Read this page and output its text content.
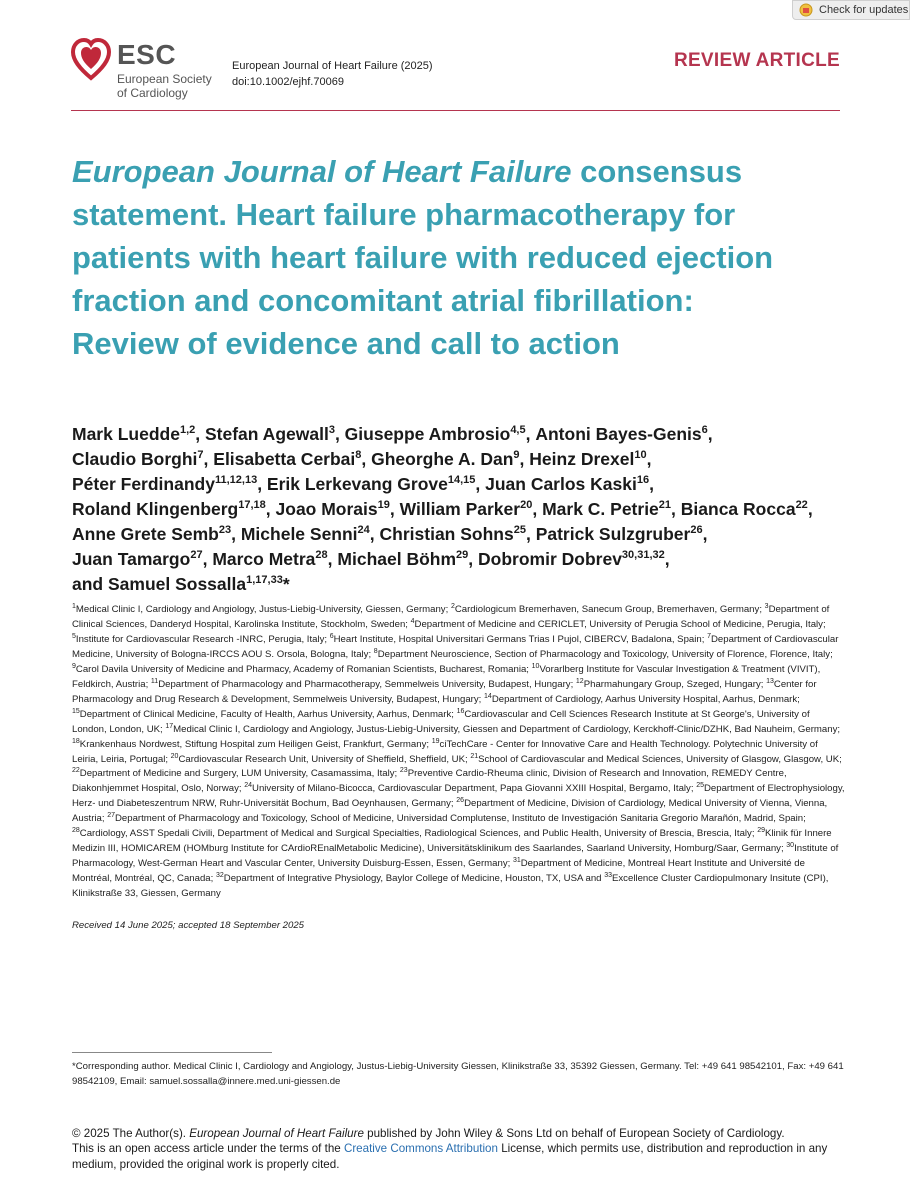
Check for updates
ESC
European Society
of Cardiology
European Journal of Heart Failure (2025)
doi:10.1002/ejhf.70069
REVIEW ARTICLE
European Journal of Heart Failure consensus statement. Heart failure pharmacotherapy for patients with heart failure with reduced ejection fraction and concomitant atrial fibrillation: Review of evidence and call to action
Mark Luedde$^{1,2}$, Stefan Agewall$^3$, Giuseppe Ambrosio$^{4,5}$, Antoni Bayes-Genis$^6$, Claudio Borghi$^7$, Elisabetta Cerbai$^8$, Gheorghe A. Dan$^9$, Heinz Drexel$^{10}$, Péter Ferdinandy$^{11,12,13}$, Erik Lerkevang Grove$^{14,15}$, Juan Carlos Kaski$^{16}$, Roland Klingenberg$^{17,18}$, Joao Morais$^{19}$, William Parker$^{20}$, Mark C. Petrie$^{21}$, Bianca Rocca$^{22}$, Anne Grete Semb$^{23}$, Michele Senni$^{24}$, Christian Sohns$^{25}$, Patrick Sulzgruber$^{26}$, Juan Tamargo$^{27}$, Marco Metra$^{28}$, Michael Böhm$^{29}$, Dobromir Dobrev$^{30,31,32}$, and Samuel Sossalla$^{1,17,33}$*
$^1$Medical Clinic I, Cardiology and Angiology, Justus-Liebig-University, Giessen, Germany; $^2$Cardiologicum Bremerhaven, Sanecum Group, Bremerhaven, Germany; $^3$Department of Clinical Sciences, Danderyd Hospital, Karolinska Institute, Stockholm, Sweden; $^4$Department of Medicine and CERICLET, University of Perugia School of Medicine, Perugia, Italy; $^5$Institute for Cardiovascular Research -INRC, Perugia, Italy; $^6$Heart Institute, Hospital Universitari Germans Trias I Pujol, CIBERCV, Badalona, Spain; $^7$Department of Cardiovascular Medicine, University of Bologna-IRCCS AOU S. Orsola, Bologna, Italy; $^8$Department Neuroscience, Section of Pharmacology and Toxicology, University of Florence, Florence, Italy; $^9$Carol Davila University of Medicine and Pharmacy, Academy of Romanian Scientists, Bucharest, Romania; $^{10}$Vorarlberg Institute for Vascular Investigation & Treatment (VIVIT), Feldkirch, Austria; $^{11}$Department of Pharmacology and Pharmacotherapy, Semmelweis University, Budapest, Hungary; $^{12}$Pharmahungary Group, Szeged, Hungary; $^{13}$Center for Pharmacology and Drug Research & Development, Semmelweis University, Budapest, Hungary; $^{14}$Department of Cardiology, Aarhus University Hospital, Aarhus, Denmark; $^{15}$Department of Clinical Medicine, Faculty of Health, Aarhus University, Aarhus, Denmark; $^{16}$Cardiovascular and Cell Sciences Research Institute at St George's, University of London, London, UK; $^{17}$Medical Clinic I, Cardiology and Angiology, Justus-Liebig-University, Giessen and Department of Cardiology, Kerckhoff-Clinic/DZHK, Bad Nauheim, Germany; $^{18}$Krankenhaus Nordwest, Stiftung Hospital zum Heiligen Geist, Frankfurt, Germany; $^{19}$ciTechCare - Center for Innovative Care and Health Technology. Polytechnic University of Leiria, Leiria, Portugal; $^{20}$Cardiovascular Research Unit, University of Sheffield, Sheffield, UK; $^{21}$School of Cardiovascular and Medical Sciences, University of Glasgow, Glasgow, UK; $^{22}$Department of Medicine and Surgery, LUM University, Casamassima, Italy; $^{23}$Preventive Cardio-Rheuma clinic, Division of Research and Innovation, REMEDY Centre, Diakonhjemmet Hospital, Oslo, Norway; $^{24}$University of Milano-Bicocca, Cardiovascular Department, Papa Giovanni XXIII Hospital, Bergamo, Italy; $^{25}$Department of Electrophysiology, Herz- und Diabeteszentrum NRW, Ruhr-Universität Bochum, Bad Oeynhausen, Germany; $^{26}$Department of Medicine, Division of Cardiology, Medical University of Vienna, Vienna, Austria; $^{27}$Department of Pharmacology and Toxicology, School of Medicine, Universidad Complutense, Instituto de Investigación Sanitaria Gregorio Marañón, Madrid, Spain; $^{28}$Cardiology, ASST Spedali Civili, Department of Medical and Surgical Specialties, Radiological Sciences, and Public Health, University of Brescia, Brescia, Italy; $^{29}$Klinik für Innere Medizin III, HOMICAREM (HOMburg Institute for CArdioREnalMetabolic Medicine), Universitätsklinikum des Saarlandes, Saarland University, Homburg/Saar, Germany; $^{30}$Institute of Pharmacology, West-German Heart and Vascular Center, University Duisburg-Essen, Essen, Germany; $^{31}$Department of Medicine, Montreal Heart Institute and Université de Montréal, Montréal, QC, Canada; $^{32}$Department of Integrative Physiology, Baylor College of Medicine, Houston, TX, USA and $^{33}$Excellence Cluster Cardiopulmonary Insitute (CPI), Klinikstraße 33, Giessen, Germany
Received 14 June 2025; accepted 18 September 2025
*Corresponding author. Medical Clinic I, Cardiology and Angiology, Justus-Liebig-University Giessen, Klinikstraße 33, 35392 Giessen, Germany. Tel: +49 641 98542101, Fax: +49 641 98542109, Email: samuel.sossalla@innere.med.uni-giessen.de
© 2025 The Author(s). European Journal of Heart Failure published by John Wiley & Sons Ltd on behalf of European Society of Cardiology.
This is an open access article under the terms of the Creative Commons Attribution License, which permits use, distribution and reproduction in any medium, provided the original work is properly cited.
